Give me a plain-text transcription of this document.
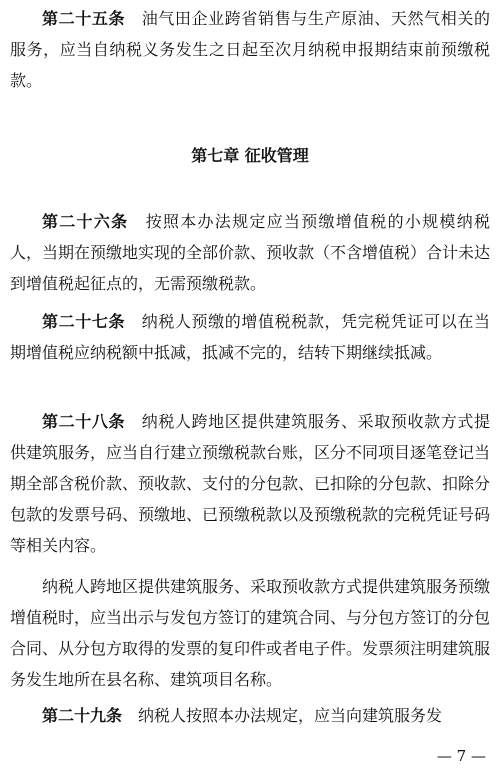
第二十五条　 油气田企业跨省销售与生产原油、天然气相关的服务，应当自纳税义务发生之日起至次月纳税申报期结束前预缴税款。

第七章 征收管理

第二十六条　 按照本办法规定应当预缴增值税的小规模纳税人，当期在预缴地实现的全部价款、预收款（不含增值税）合计未达到增值税起征点的，无需预缴税款。

第二十七条　 纳税人预缴的增值税税款，凭完税凭证可以在当期增值税应纳税额中抵减，抵减不完的，结转下期继续抵减。

第二十八条　 纳税人跨地区提供建筑服务、采取预收款方式提供建筑服务，应当自行建立预缴税款台账，区分不同项目逐笔登记当期全部含税价款、预收款、支付的分包款、已扣除的分包款、扣除分包款的发票号码、预缴地、已预缴税款以及预缴税款的完税凭证号码等相关内容。

纳税人跨地区提供建筑服务、采取预收款方式提供建筑服务预缴增值税时，应当出示与发包方签订的建筑合同、与分包方签订的分包合同、从分包方取得的发票的复印件或者电子件。发票须注明建筑服务发生地所在县名称、建筑项目名称。

第二十九条　 纳税人按照本办法规定，应当向建筑服务发

— 7 —
